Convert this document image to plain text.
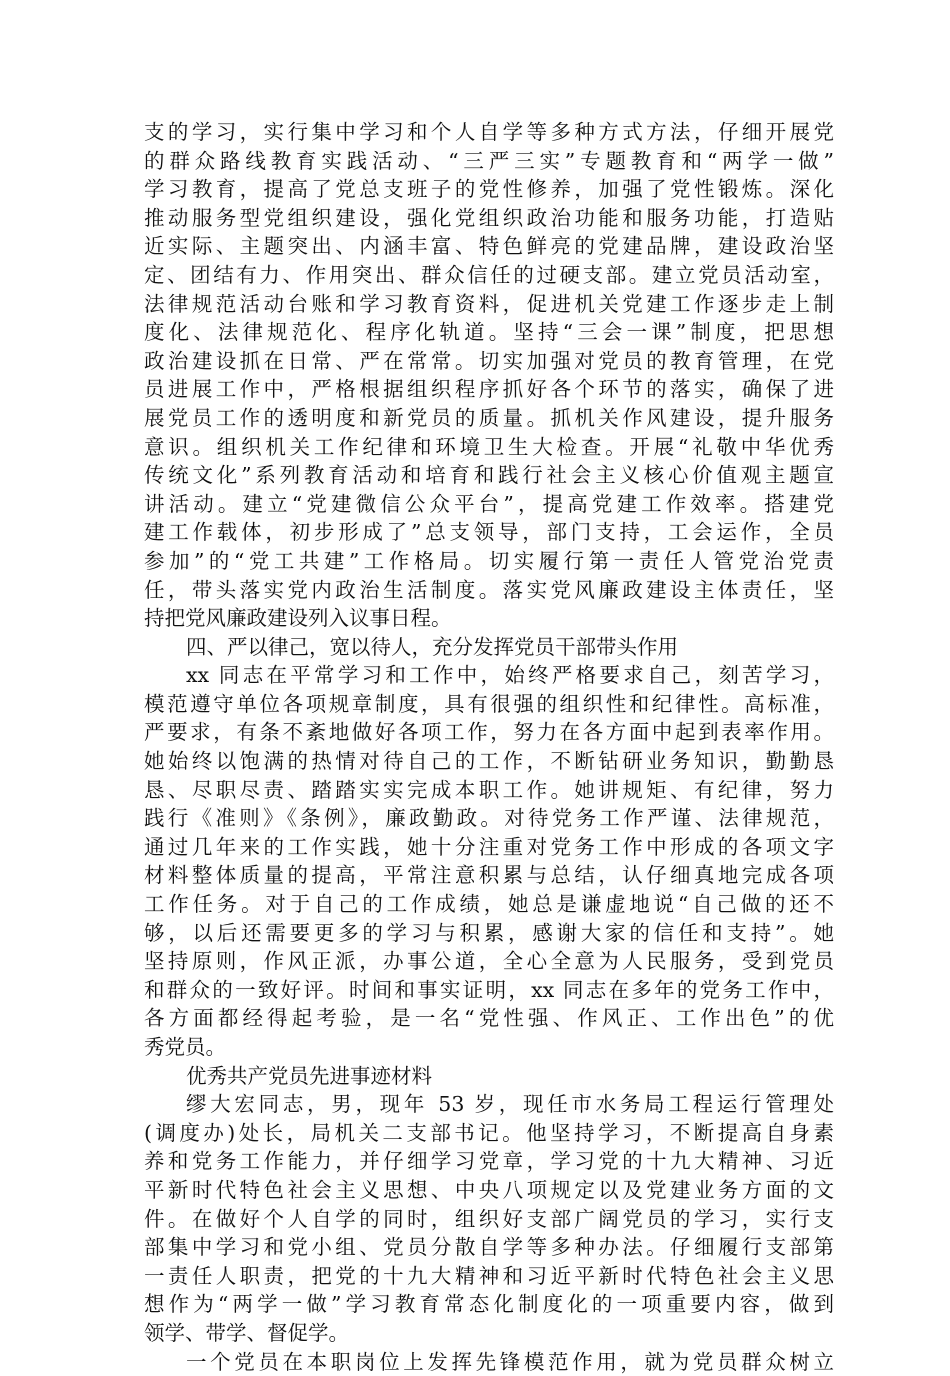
支的学习，实行集中学习和个人自学等多种方式方法，仔细开展党
的群众路线教育实践活动、“三严三实”专题教育和“两学一做”
学习教育，提高了党总支班子的党性修养，加强了党性锻炼。深化
推动服务型党组织建设，强化党组织政治功能和服务功能，打造贴
近实际、主题突出、内涵丰富、特色鲜亮的党建品牌，建设政治坚
定、团结有力、作用突出、群众信任的过硬支部。建立党员活动室，
法律规范活动台账和学习教育资料，促进机关党建工作逐步走上制
度化、法律规范化、程序化轨道。坚持“三会一课”制度，把思想
政治建设抓在日常、严在常常。切实加强对党员的教育管理，在党
员进展工作中，严格根据组织程序抓好各个环节的落实，确保了进
展党员工作的透明度和新党员的质量。抓机关作风建设，提升服务
意识。组织机关工作纪律和环境卫生大检查。开展“礼敬中华优秀
传统文化”系列教育活动和培育和践行社会主义核心价值观主题宣
讲活动。建立“党建微信公众平台”，提高党建工作效率。搭建党
建工作载体，初步形成了”总支领导，部门支持，工会运作，全员
参加”的“党工共建”工作格局。切实履行第一责任人管党治党责
任，带头落实党内政治生活制度。落实党风廉政建设主体责任，坚
持把党风廉政建设列入议事日程。
四、严以律己，宽以待人，充分发挥党员干部带头作用
xx 同志在平常学习和工作中，始终严格要求自己，刻苦学习，
模范遵守单位各项规章制度，具有很强的组织性和纪律性。高标准，
严要求，有条不紊地做好各项工作，努力在各方面中起到表率作用。
她始终以饱满的热情对待自己的工作，不断钻研业务知识，勤勤恳
恳、尽职尽责、踏踏实实完成本职工作。她讲规矩、有纪律，努力
践行《准则》《条例》，廉政勤政。对待党务工作严谨、法律规范，
通过几年来的工作实践，她十分注重对党务工作中形成的各项文字
材料整体质量的提高，平常注意积累与总结，认仔细真地完成各项
工作任务。对于自己的工作成绩，她总是谦虚地说“自己做的还不
够，以后还需要更多的学习与积累，感谢大家的信任和支持”。她
坚持原则，作风正派，办事公道，全心全意为人民服务，受到党员
和群众的一致好评。时间和事实证明，xx 同志在多年的党务工作中，
各方面都经得起考验，是一名“党性强、作风正、工作出色”的优
秀党员。
优秀共产党员先进事迹材料
缪大宏同志，男，现年 53 岁，现任市水务局工程运行管理处
(调度办)处长，局机关二支部书记。他坚持学习，不断提高自身素
养和党务工作能力，并仔细学习党章，学习党的十九大精神、习近
平新时代特色社会主义思想、中央八项规定以及党建业务方面的文
件。在做好个人自学的同时，组织好支部广阔党员的学习，实行支
部集中学习和党小组、党员分散自学等多种办法。仔细履行支部第
一责任人职责，把党的十九大精神和习近平新时代特色社会主义思
想作为“两学一做”学习教育常态化制度化的一项重要内容，做到
领学、带学、督促学。
一个党员在本职岗位上发挥先锋模范作用，就为党员群众树立
